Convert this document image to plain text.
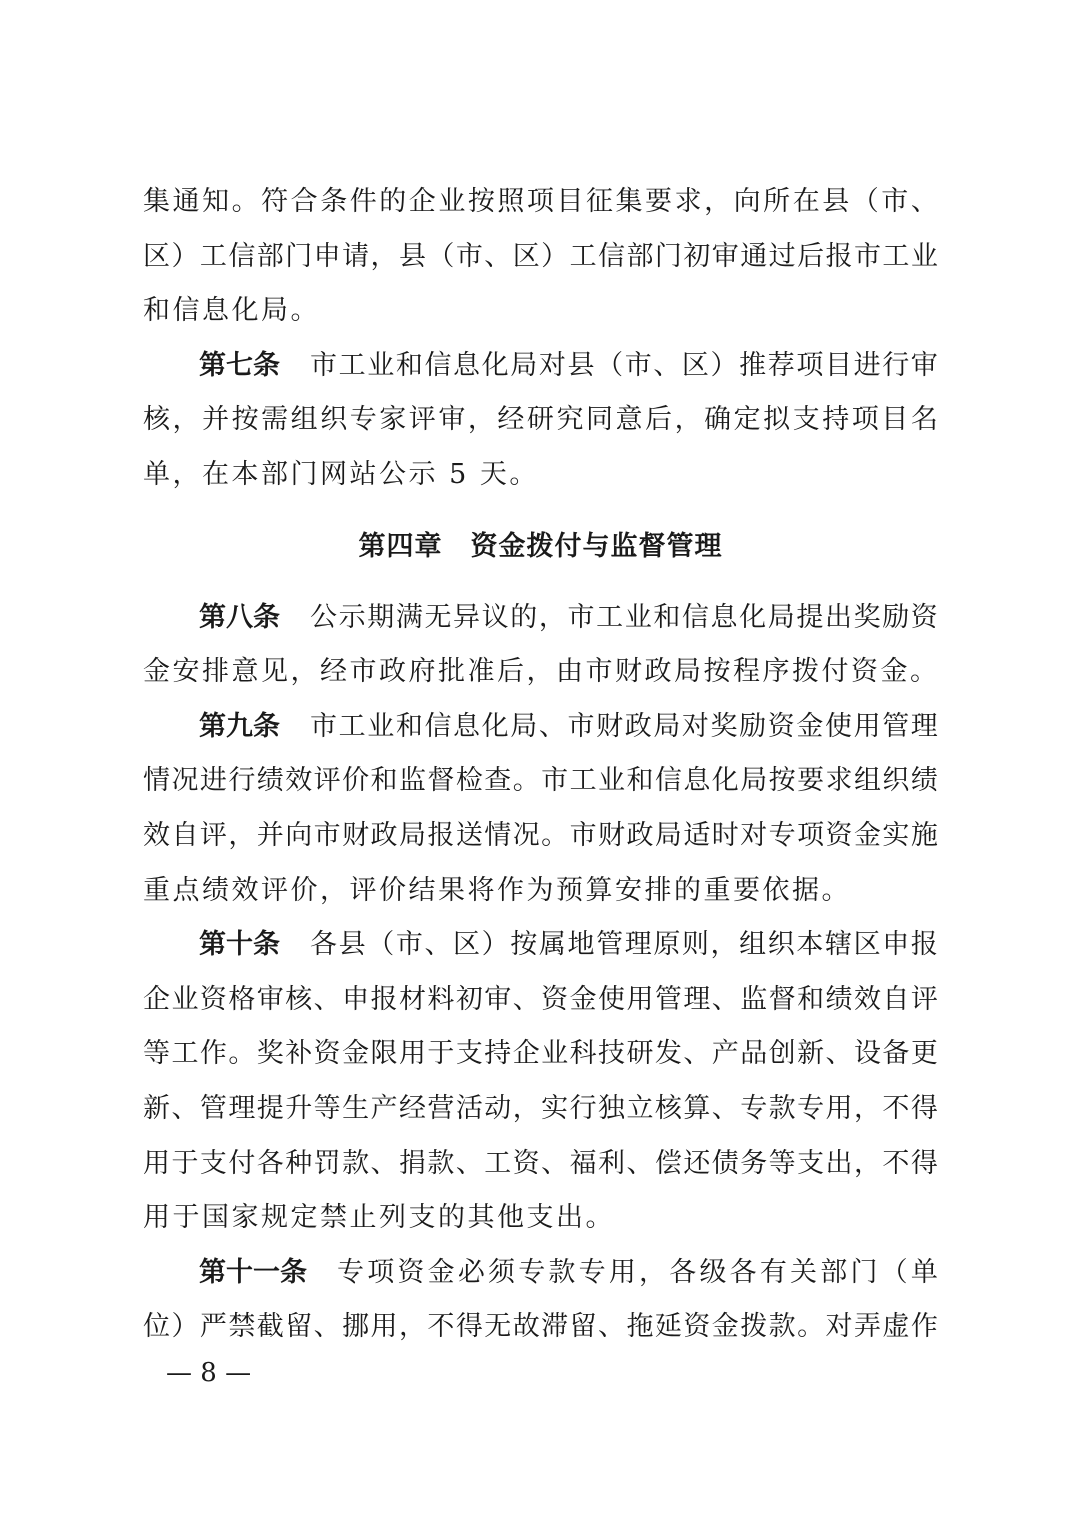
集 通 知 。 符 合 条 件 的 企 业 按 照 项 目 征 集 要 求 ， 向 所 在 县 （ 市 、
区 ） 工 信 部 门 申 请 ， 县 （ 市 、 区 ） 工 信 部 门 初 审 通 过 后 报 市 工 业
和信息化局。
第七条 市 工 业 和 信 息 化 局 对 县 （ 市 、 区 ） 推 荐 项 目 进 行 审
核 ， 并 按 需 组 织 专 家 评 审 ， 经 研 究 同 意 后 ， 确 定 拟 支 持 项 目 名
单，在本部门网站公示 5 天。
第四章　资金拨付与监督管理
第八条 公 示 期 满 无 异 议 的 ， 市 工 业 和 信 息 化 局 提 出 奖 励 资
金安排意见，经市政府批准后，由市财政局按程序拨付资金。
第九条 市 工 业 和 信 息 化 局 、 市 财 政 局 对 奖 励 资 金 使 用 管 理
情 况 进 行 绩 效 评 价 和 监 督 检 查 。 市 工 业 和 信 息 化 局 按 要 求 组 织 绩
效 自 评 ， 并 向 市 财 政 局 报 送 情 况 。 市 财 政 局 适 时 对 专 项 资 金 实 施
重点绩效评价，评价结果将作为预算安排的重要依据。
第十条 各 县 （ 市 、 区 ） 按 属 地 管 理 原 则 ， 组 织 本 辖 区 申 报
企 业 资 格 审 核 、 申 报 材 料 初 审 、 资 金 使 用 管 理 、 监 督 和 绩 效 自 评
等 工 作 。 奖 补 资 金 限 用 于 支 持 企 业 科 技 研 发 、 产 品 创 新 、 设 备 更
新 、 管 理 提 升 等 生 产 经 营 活 动 ， 实 行 独 立 核 算 、 专 款 专 用 ， 不 得
用 于 支 付 各 种 罚 款 、 捐 款 、 工 资 、 福 利 、 偿 还 债 务 等 支 出 ， 不 得
用于国家规定禁止列支的其他支出。
第十一条 专 项 资 金 必 须 专 款 专 用 ， 各 级 各 有 关 部 门 （ 单
位 ） 严 禁 截 留 、 挪 用 ， 不 得 无 故 滞 留 、 拖 延 资 金 拨 款 。 对 弄 虚 作
— 8 —
